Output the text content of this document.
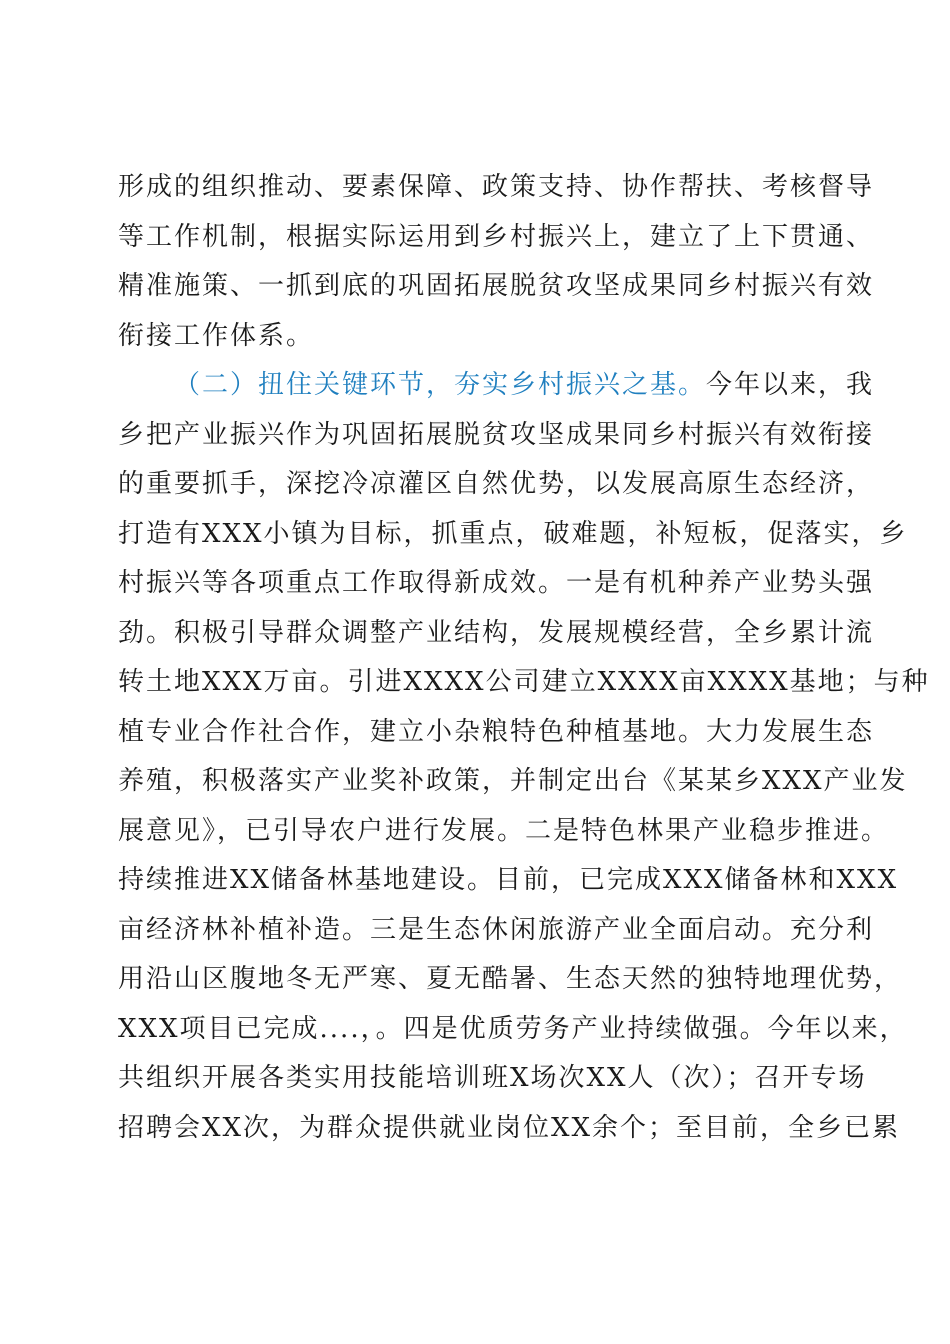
形成的组织推动、要素保障、政策支持、协作帮扶、考核督导
等工作机制，根据实际运用到乡村振兴上，建立了上下贯通、
精准施策、一抓到底的巩固拓展脱贫攻坚成果同乡村振兴有效
衔接工作体系。
（二）扭住关键环节，夯实乡村振兴之基。今年以来，我
乡把产业振兴作为巩固拓展脱贫攻坚成果同乡村振兴有效衔接
的重要抓手，深挖冷凉灌区自然优势，以发展高原生态经济，
打造有XXX小镇为目标，抓重点，破难题，补短板，促落实，乡
村振兴等各项重点工作取得新成效。一是有机种养产业势头强
劲。积极引导群众调整产业结构，发展规模经营，全乡累计流
转土地XXX万亩。引进XXXX公司建立XXXX亩XXXX基地；与种
植专业合作社合作，建立小杂粮特色种植基地。大力发展生态
养殖，积极落实产业奖补政策，并制定出台《某某乡XXX产业发
展意见》，已引导农户进行发展。二是特色林果产业稳步推进。
持续推进XX储备林基地建设。目前，已完成XXX储备林和XXX
亩经济林补植补造。三是生态休闲旅游产业全面启动。充分利
用沿山区腹地冬无严寒、夏无酷暑、生态天然的独特地理优势，
XXX项目已完成....，。四是优质劳务产业持续做强。今年以来，
共组织开展各类实用技能培训班X场次XX人（次）；召开专场
招聘会XX次，为群众提供就业岗位XX余个；至目前，全乡已累
